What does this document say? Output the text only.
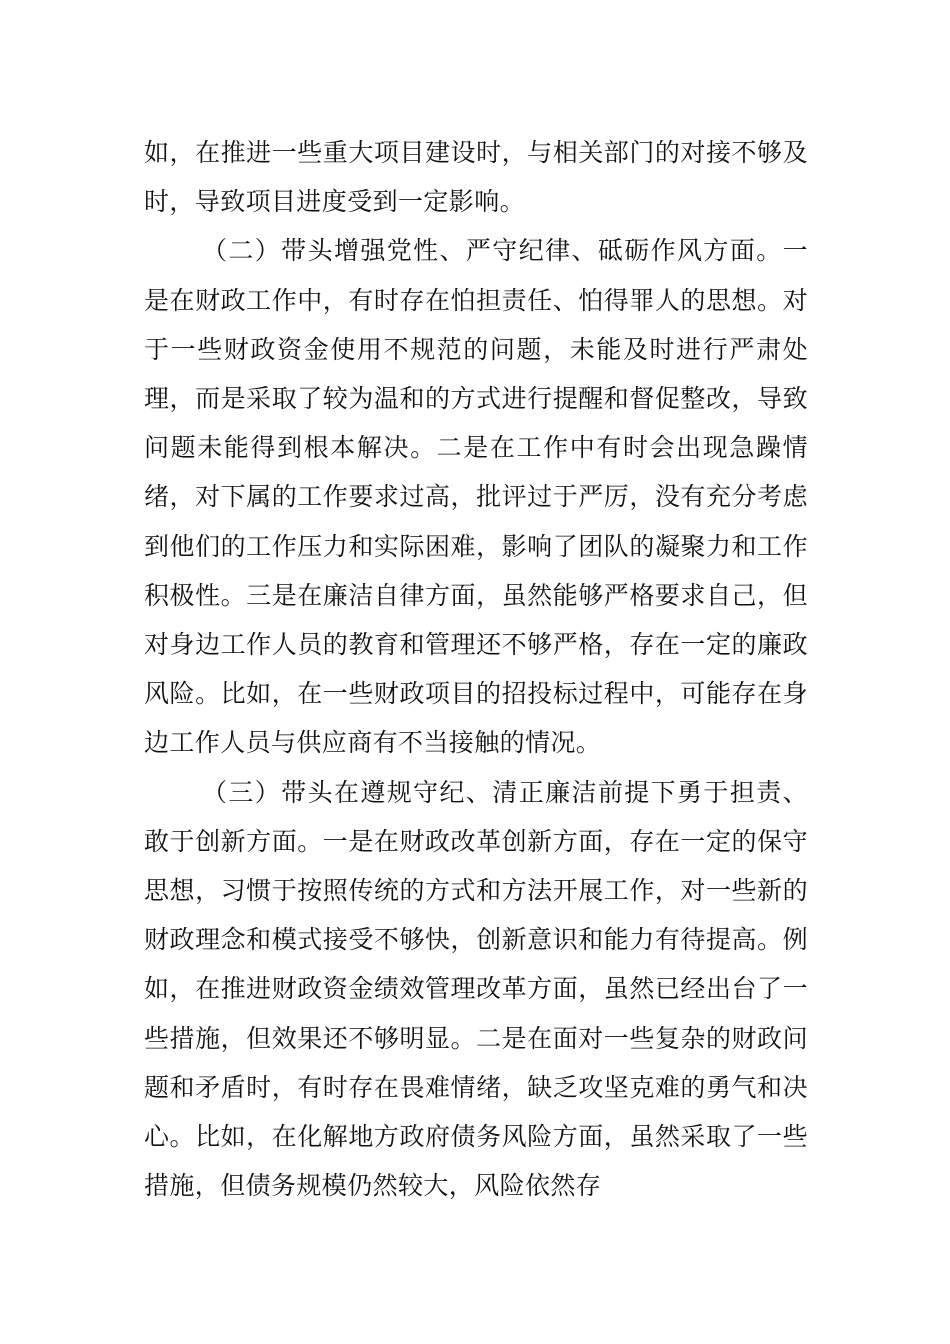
如，在推进一些重大项目建设时，与相关部门的对接不够及时，导致项目进度受到一定影响。

（二）带头增强党性、严守纪律、砥砺作风方面。一是在财政工作中，有时存在怕担责任、怕得罪人的思想。对于一些财政资金使用不规范的问题，未能及时进行严肃处理，而是采取了较为温和的方式进行提醒和督促整改，导致问题未能得到根本解决。二是在工作中有时会出现急躁情绪，对下属的工作要求过高，批评过于严厉，没有充分考虑到他们的工作压力和实际困难，影响了团队的凝聚力和工作积极性。三是在廉洁自律方面，虽然能够严格要求自己，但对身边工作人员的教育和管理还不够严格，存在一定的廉政风险。比如，在一些财政项目的招投标过程中，可能存在身边工作人员与供应商有不当接触的情况。

（三）带头在遵规守纪、清正廉洁前提下勇于担责、敢于创新方面。一是在财政改革创新方面，存在一定的保守思想，习惯于按照传统的方式和方法开展工作，对一些新的财政理念和模式接受不够快，创新意识和能力有待提高。例如，在推进财政资金绩效管理改革方面，虽然已经出台了一些措施，但效果还不够明显。二是在面对一些复杂的财政问题和矛盾时，有时存在畏难情绪，缺乏攻坚克难的勇气和决心。比如，在化解地方政府债务风险方面，虽然采取了一些措施，但债务规模仍然较大，风险依然存
